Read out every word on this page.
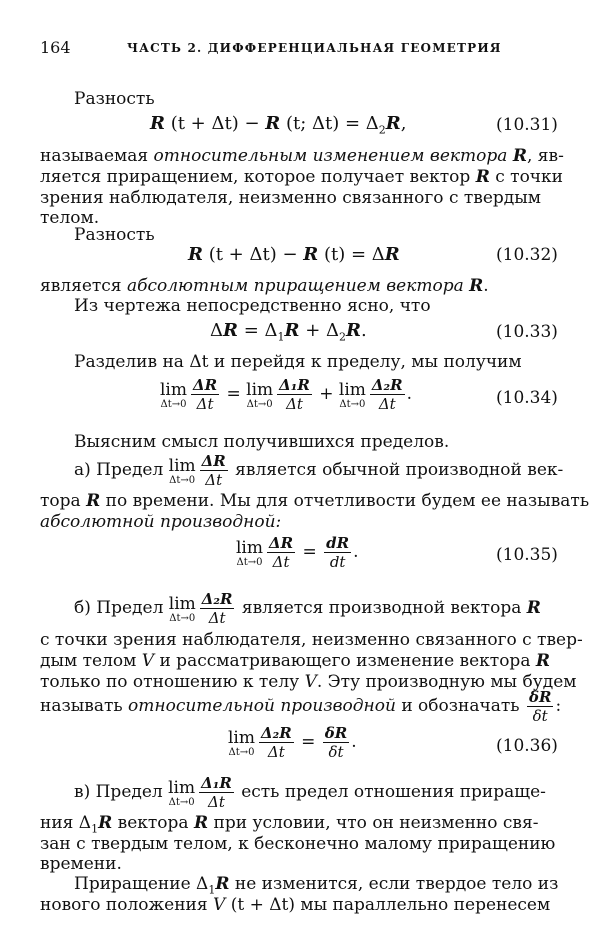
164	ЧАСТЬ 2. ДИФФЕРЕНЦИАЛЬНАЯ ГЕОМЕТРИЯ
Разность
R (t + Δt) − R (t; $\Delta t) = \Delta_2R$,	(10.31)
называемая относительным изменением вектора R, яв-
ляется приращением, которое получает вектор R с точки
зрения наблюдателя, неизменно связанного с твердым
телом.
Разность
R (t + Δt) − R (t) = ΔR	(10.32)
является абсолютным приращением вектора R.
Из чертежа непосредственно ясно, что
$\Delta R = \Delta_1R + \Delta_2R$.	(10.33)
Разделив на Δt и перейдя к пределу, мы получим
lim
$\Delta t\to 0 \frac{\Delta R}{\Delta t} = \lim$
$\Delta t\to 0 \frac{\text{Δ₁R}}{\Delta t} + \lim$
$\Delta t\to 0 \frac{\text{Δ₂R}}{\Delta t}$ .	(10.34)
Выясним смысл получившихся пределов.
а) Предел lim
$\Delta t\to 0 \frac{\Delta R}{\Delta t}$ является обычной производной век-
тора R по времени. Мы для отчетливости будем ее называть
абсолютной производной:
lim
$\Delta t\to 0 \frac{\Delta R}{\Delta t} = \frac{dR}{dt}$ .	(10.35)
б) Предел lim
$\Delta t\to 0 \frac{\text{Δ₂R}}{\Delta t}$ является производной вектора R
с точки зрения наблюдателя, неизменно связанного с твер-
дым телом V и рассматривающего изменение вектора R
только по отношению к телу V. Эту производную мы будем
называть относительной производной и обозначать $\frac{\delta R}{\delta t}$ :
lim
$\Delta t\to 0 \frac{\text{Δ₂R}}{\Delta t} = \frac{\delta R}{\delta t}$ .	(10.36)
в) Предел lim
$\Delta t\to 0 \frac{\text{Δ₁R}}{\Delta t}$ есть предел отношения прираще-
ния $\Delta_1R$ вектора R при условии, что он неизменно свя-
зан с твердым телом, к бесконечно малому приращению
времени.
Приращение $\Delta_1R$ не изменится, если твердое тело из
нового положения V (t + Δt) мы параллельно перенесем
